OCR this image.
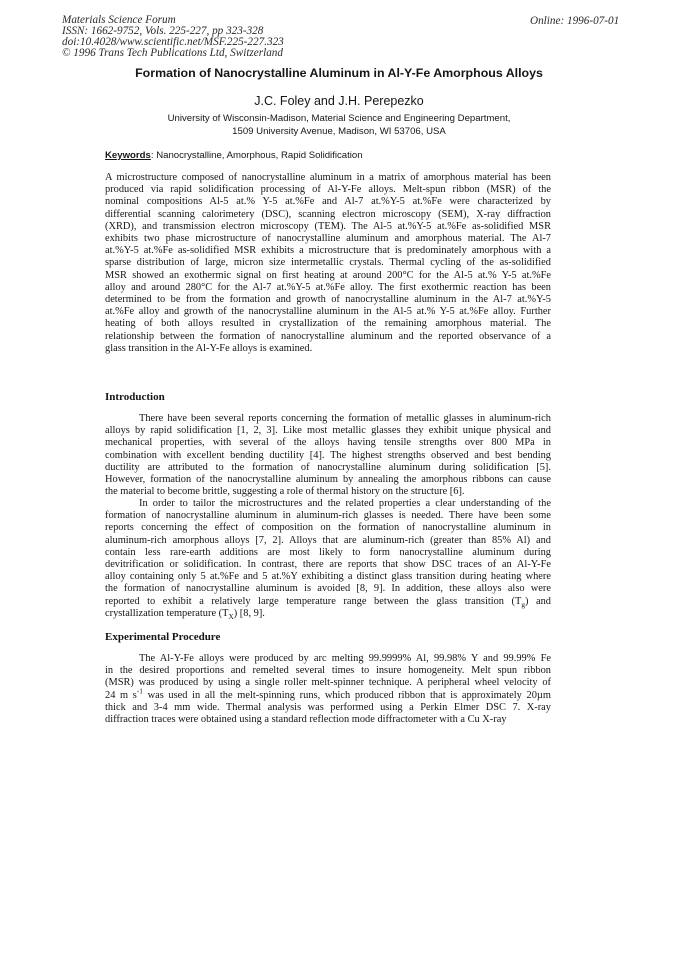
Materials Science Forum
ISSN: 1662-9752, Vols. 225-227, pp 323-328
doi:10.4028/www.scientific.net/MSF.225-227.323
© 1996 Trans Tech Publications Ltd, Switzerland
Online: 1996-07-01
Formation of Nanocrystalline Aluminum in Al-Y-Fe Amorphous Alloys
J.C. Foley and J.H. Perepezko
University of Wisconsin-Madison, Material Science and Engineering Department,
1509 University Avenue, Madison, WI 53706, USA
Keywords: Nanocrystalline, Amorphous, Rapid Solidification
A microstructure composed of nanocrystalline aluminum in a matrix of amorphous material has been
produced via rapid solidification processing of Al-Y-Fe alloys. Melt-spun ribbon (MSR) of the
nominal compositions Al-5 at.% Y-5 at.%Fe and Al-7 at.%Y-5 at.%Fe were characterized by
differential scanning calorimetery (DSC), scanning electron microscopy (SEM), X-ray diffraction
(XRD), and transmission electron microscopy (TEM). The Al-5 at.%Y-5 at.%Fe as-solidified MSR
exhibits two phase microstructure of nanocrystalline aluminum and amorphous material. The Al-7
at.%Y-5 at.%Fe as-solidified MSR exhibits a microstructure that is predominately amorphous with a
sparse distribution of large, micron size intermetallic crystals. Thermal cycling of the as-solidified
MSR showed an exothermic signal on first heating at around 200°C for the Al-5 at.% Y-5 at.%Fe
alloy and around 280°C for the Al-7 at.%Y-5 at.%Fe alloy. The first exothermic reaction has been
determined to be from the formation and growth of nanocrystalline aluminum in the Al-7 at.%Y-5
at.%Fe alloy and growth of the nanocrystalline aluminum in the Al-5 at.% Y-5 at.%Fe alloy. Further
heating of both alloys resulted in crystallization of the remaining amorphous material. The
relationship between the formation of nanocrystalline aluminum and the reported observance of a
glass transition in the Al-Y-Fe alloys is examined.
Introduction
There have been several reports concerning the formation of metallic glasses in aluminum-rich
alloys by rapid solidification [1, 2, 3]. Like most metallic glasses they exhibit unique physical and
mechanical properties, with several of the alloys having tensile strengths over 800 MPa in
combination with excellent bending ductility [4]. The highest strengths observed and best bending
ductility are attributed to the formation of nanocrystalline aluminum during solidification [5].
However, formation of the nanocrystalline aluminum by annealing the amorphous ribbons can cause
the material to become brittle, suggesting a role of thermal history on the structure [6].
In order to tailor the microstructures and the related properties a clear understanding of the
formation of nanocrystalline aluminum in aluminum-rich glasses is needed. There have been some
reports concerning the effect of composition on the formation of nanocrystalline aluminum in
aluminum-rich amorphous alloys [7, 2]. Alloys that are aluminum-rich (greater than 85% Al) and
contain less rare-earth additions are most likely to form nanocrystalline aluminum during
devitrification or solidification. In contrast, there are reports that show DSC traces of an Al-Y-Fe
alloy containing only 5 at.%Fe and 5 at.%Y exhibiting a distinct glass transition during heating where
the formation of nanocrystalline aluminum is avoided [8, 9]. In addition, these alloys also were
reported to exhibit a relatively large temperature range between the glass transition $(T_g)$ and
crystallization temperature $(T_X)$ [8, 9].
Experimental Procedure
The Al-Y-Fe alloys were produced by arc melting 99.9999% Al, 99.98% Y and 99.99% Fe
in the desired proportions and remelted several times to insure homogeneity. Melt spun ribbon
(MSR) was produced by using a single roller melt-spinner technique. A peripheral wheel velocity of
24 m $s^{-1}$ was used in all the melt-spinning runs, which produced ribbon that is approximately 20µm
thick and 3-4 mm wide. Thermal analysis was performed using a Perkin Elmer DSC 7. X-ray
diffraction traces were obtained using a standard reflection mode diffractometer with a Cu X-ray
